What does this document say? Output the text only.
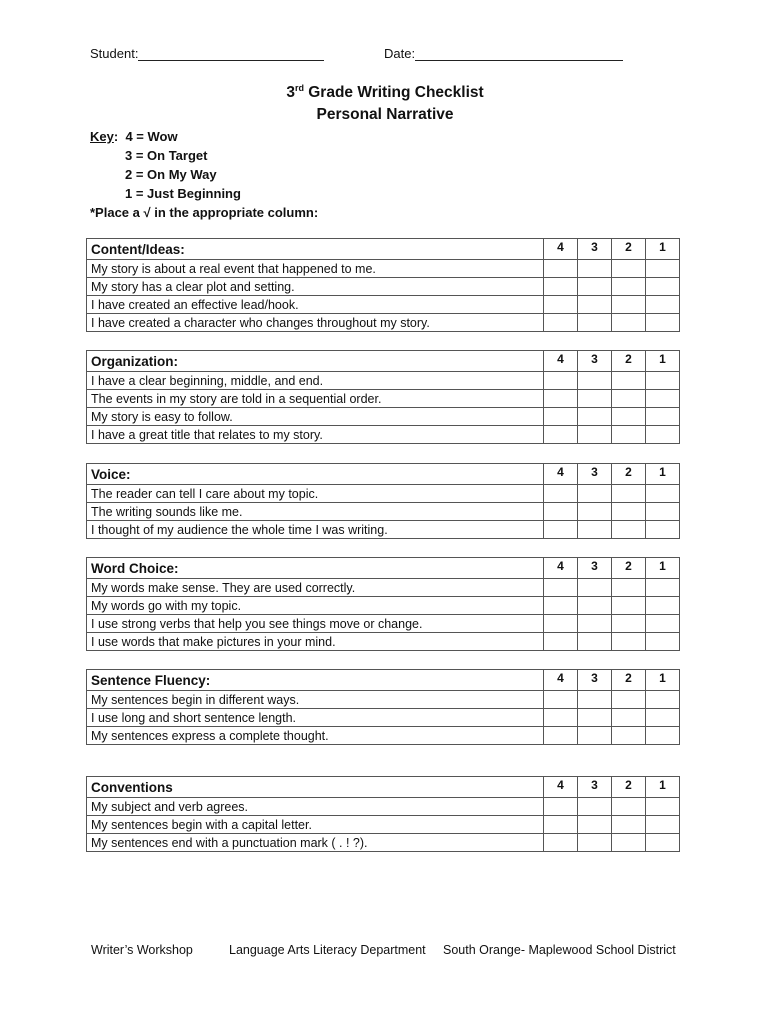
Student:	Date:
3rd Grade Writing Checklist
Personal Narrative
Key: 4 = Wow
3 = On Target
2 = On My Way
1 = Just Beginning
*Place a √ in the appropriate column:
Content/Ideas:	4	3	2	1
My story is about a real event that happened to me.				
My story has a clear plot and setting.				
I have created an effective lead/hook.				
I have created a character who changes throughout my story.				
Organization:	4	3	2	1
I have a clear beginning, middle, and end.				
The events in my story are told in a sequential order.				
My story is easy to follow.				
I have a great title that relates to my story.				
Voice:	4	3	2	1
The reader can tell I care about my topic.				
The writing sounds like me.				
I thought of my audience the whole time I was writing.				
Word Choice:	4	3	2	1
My words make sense. They are used correctly.				
My words go with my topic.				
I use strong verbs that help you see things move or change.				
I use words that make pictures in your mind.				
Sentence Fluency:	4	3	2	1
My sentences begin in different ways.				
I use long and short sentence length.				
My sentences express a complete thought.				
Conventions	4	3	2	1
My subject and verb agrees.				
My sentences begin with a capital letter.				
My sentences end with a punctuation mark ( . ! ?).				
Writer’s Workshop	Language Arts Literacy Department South Orange- Maplewood School District
